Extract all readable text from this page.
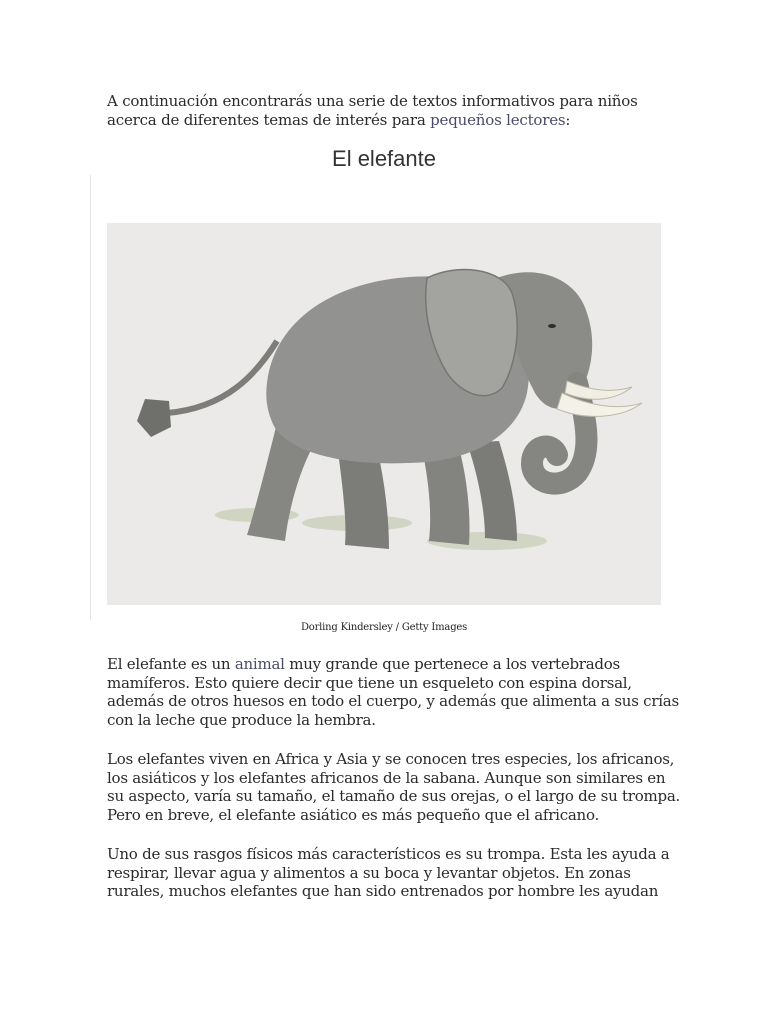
A continuación encontrarás una serie de textos informativos para niños
acerca de diferentes temas de interés para pequeños lectores:
El elefante
Dorling Kindersley / Getty Images
El elefante es un animal muy grande que pertenece a los vertebrados
mamíferos. Esto quiere decir que tiene un esqueleto con espina dorsal,
además de otros huesos en todo el cuerpo, y además que alimenta a sus crías
con la leche que produce la hembra.
Los elefantes viven en Africa y Asia y se conocen tres especies, los africanos,
los asiáticos y los elefantes africanos de la sabana. Aunque son similares en
su aspecto, varía su tamaño, el tamaño de sus orejas, o el largo de su trompa.
Pero en breve, el elefante asiático es más pequeño que el africano.
Uno de sus rasgos físicos más característicos es su trompa. Esta les ayuda a
respirar, llevar agua y alimentos a su boca y levantar objetos. En zonas
rurales, muchos elefantes que han sido entrenados por hombre les ayudan
